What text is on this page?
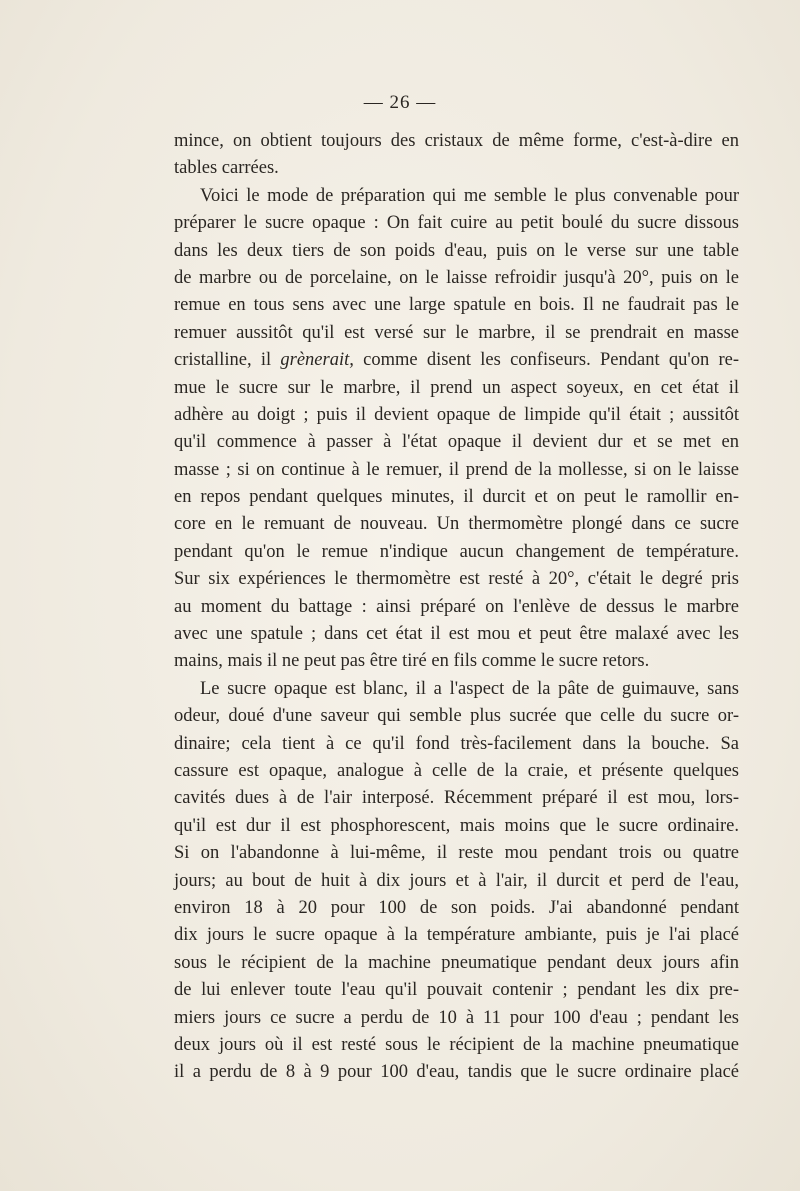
— 26 —
mince, on obtient toujours des cristaux de même forme, c'est-à-dire en
tables carrées.
Voici le mode de préparation qui me semble le plus convenable pour
préparer le sucre opaque : On fait cuire au petit boulé du sucre dissous
dans les deux tiers de son poids d'eau, puis on le verse sur une table
de marbre ou de porcelaine, on le laisse refroidir jusqu'à 20°, puis on le
remue en tous sens avec une large spatule en bois. Il ne faudrait pas le
remuer aussitôt qu'il est versé sur le marbre, il se prendrait en masse
cristalline, il grènerait, comme disent les confiseurs. Pendant qu'on re-
mue le sucre sur le marbre, il prend un aspect soyeux, en cet état il
adhère au doigt ; puis il devient opaque de limpide qu'il était ; aussitôt
qu'il commence à passer à l'état opaque il devient dur et se met en
masse ; si on continue à le remuer, il prend de la mollesse, si on le laisse
en repos pendant quelques minutes, il durcit et on peut le ramollir en-
core en le remuant de nouveau. Un thermomètre plongé dans ce sucre
pendant qu'on le remue n'indique aucun changement de température.
Sur six expériences le thermomètre est resté à 20°, c'était le degré pris
au moment du battage : ainsi préparé on l'enlève de dessus le marbre
avec une spatule ; dans cet état il est mou et peut être malaxé avec les
mains, mais il ne peut pas être tiré en fils comme le sucre retors.
Le sucre opaque est blanc, il a l'aspect de la pâte de guimauve, sans
odeur, doué d'une saveur qui semble plus sucrée que celle du sucre or-
dinaire; cela tient à ce qu'il fond très-facilement dans la bouche. Sa
cassure est opaque, analogue à celle de la craie, et présente quelques
cavités dues à de l'air interposé. Récemment préparé il est mou, lors-
qu'il est dur il est phosphorescent, mais moins que le sucre ordinaire.
Si on l'abandonne à lui-même, il reste mou pendant trois ou quatre
jours; au bout de huit à dix jours et à l'air, il durcit et perd de l'eau,
environ 18 à 20 pour 100 de son poids. J'ai abandonné pendant
dix jours le sucre opaque à la température ambiante, puis je l'ai placé
sous le récipient de la machine pneumatique pendant deux jours afin
de lui enlever toute l'eau qu'il pouvait contenir ; pendant les dix pre-
miers jours ce sucre a perdu de 10 à 11 pour 100 d'eau ; pendant les
deux jours où il est resté sous le récipient de la machine pneumatique
il a perdu de 8 à 9 pour 100 d'eau, tandis que le sucre ordinaire placé
